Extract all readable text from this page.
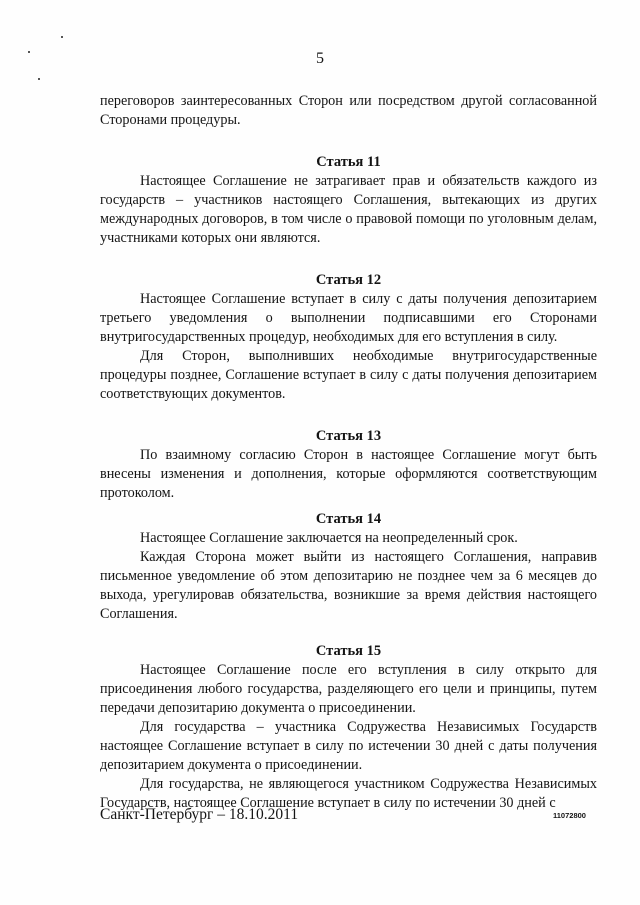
5

переговоров заинтересованных Сторон или посредством другой согласованной Сторонами процедуры.

Статья 11

Настоящее Соглашение не затрагивает прав и обязательств каждого из государств – участников настоящего Соглашения, вытекающих из других международных договоров, в том числе о правовой помощи по уголовным делам, участниками которых они являются.

Статья 12

Настоящее Соглашение вступает в силу с даты получения депозитарием третьего уведомления о выполнении подписавшими его Сторонами внутригосударственных процедур, необходимых для его вступления в силу.

Для Сторон, выполнивших необходимые внутригосударственные процедуры позднее, Соглашение вступает в силу с даты получения депозитарием соответствующих документов.

Статья 13

По взаимному согласию Сторон в настоящее Соглашение могут быть внесены изменения и дополнения, которые оформляются соответствующим протоколом.

Статья 14

Настоящее Соглашение заключается на неопределенный срок.

Каждая Сторона может выйти из настоящего Соглашения, направив письменное уведомление об этом депозитарию не позднее чем за 6 месяцев до выхода, урегулировав обязательства, возникшие за время действия настоящего Соглашения.

Статья 15

Настоящее Соглашение после его вступления в силу открыто для присоединения любого государства, разделяющего его цели и принципы, путем передачи депозитарию документа о присоединении.

Для государства – участника Содружества Независимых Государств настоящее Соглашение вступает в силу по истечении 30 дней с даты получения депозитарием документа о присоединении.

Для государства, не являющегося участником Содружества Независимых Государств, настоящее Соглашение вступает в силу по истечении 30 дней с

Санкт-Петербург – 18.10.2011	11072800
